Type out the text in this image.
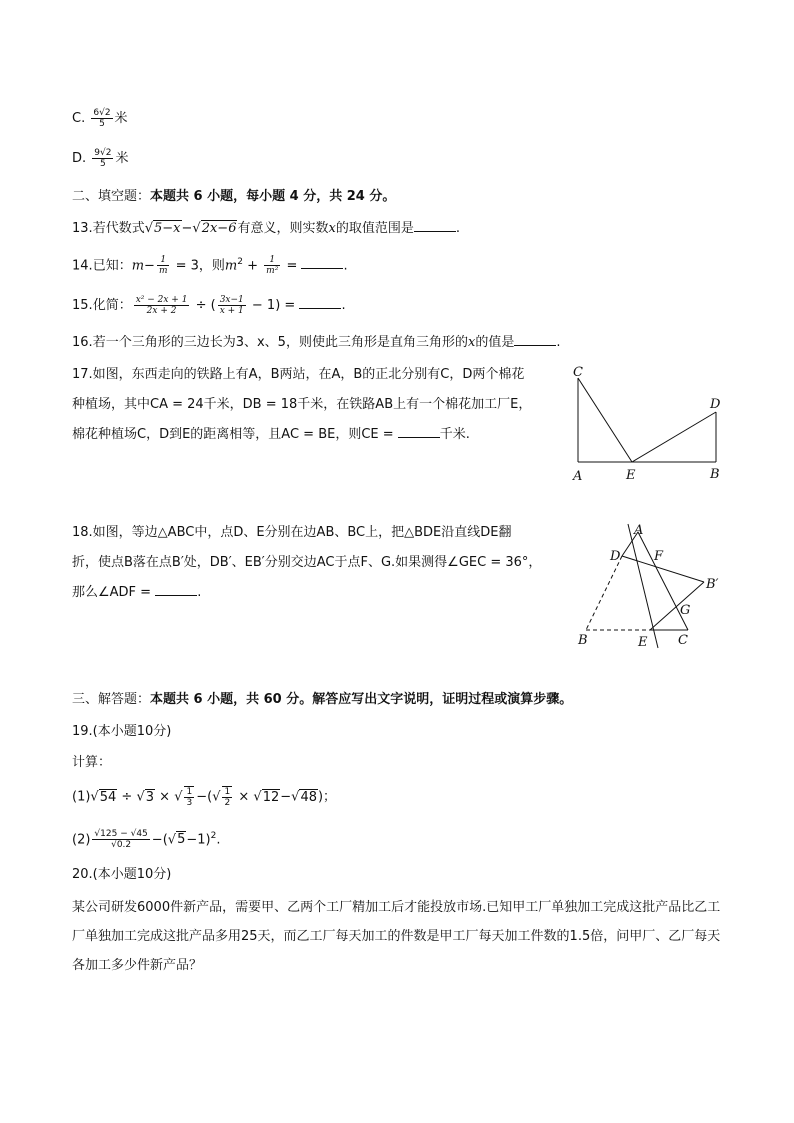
C. $\frac{6√2}{5}$ 米
D. $\frac{9√2}{5}$ 米
二、填空题：本题共 6 小题，每小题 4 分，共 24 分。
13.若代数式√5−x−√2x−6有意义，则实数x的取值范围是	.
14.已知：$m- \frac{1}{m} = 3$，则$m^2 + \frac{1}{\text{m²}}$ =	.
15.化简： $\frac{\text{x² − 2x + 1}}{2x + 2}$ ÷ ( $\frac{3x-1}{x + 1} - 1$) =	.
16.若一个三角形的三边长为3、x、5，则使此三角形是直角三角形的x的值是	.
17.如图，东西走向的铁路上有A，B两站，在A，B的正北分别有C，D两个棉花
种植场，其中CA = 24千米，DB = 18千米，在铁路AB上有一个棉花加工厂E，
棉花种植场C，D到E的距离相等，且AC = BE，则CE =	千米.
C
D
A	E	B
18.如图，等边△ABC中，点D、E分别在边AB、BC上，把△BDE沿直线DE翻
折，使点B落在点B′处，DB′、EB′分别交边AC于点F、G.如果测得∠GEC = 36°，
那么∠ADF =	.
A
D	F
B′
G
B	E C
三、解答题：本题共 6 小题，共 60 分。解答应写出文字说明，证明过程或演算步骤。
19.(本小题10分)
计算：
(1)√54 ÷ √3 × √ $\frac{1}{3}$ −(√ $\frac{1}{2} \times √12-√48$)；
$(2) \frac{√125 - √45}{√0.2} -(√5-1)^2$.
20.(本小题10分)
某公司研发6000件新产品，需要甲、乙两个工厂精加工后才能投放市场.已知甲工厂单独加工完成这批产品比乙工厂单独加工完成这批产品多用25天，而乙工厂每天加工的件数是甲工厂每天加工件数的1.5倍，问甲厂、乙厂每天各加工多少件新产品？
